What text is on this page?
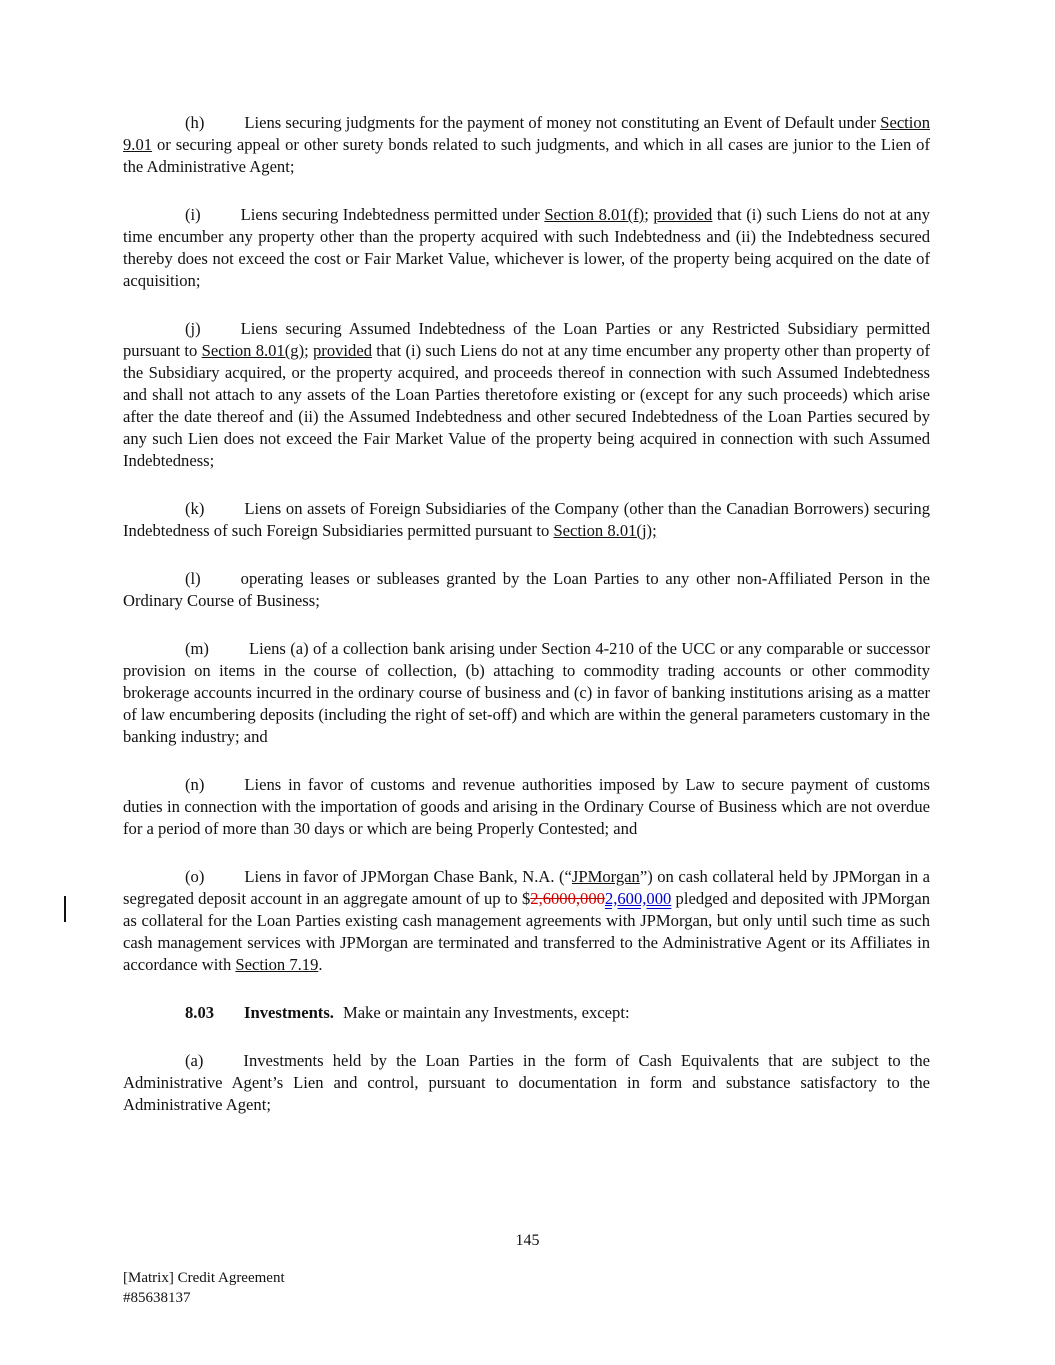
(h) Liens securing judgments for the payment of money not constituting an Event of Default under Section 9.01 or securing appeal or other surety bonds related to such judgments, and which in all cases are junior to the Lien of the Administrative Agent;

(i) Liens securing Indebtedness permitted under Section 8.01(f); provided that (i) such Liens do not at any time encumber any property other than the property acquired with such Indebtedness and (ii) the Indebtedness secured thereby does not exceed the cost or Fair Market Value, whichever is lower, of the property being acquired on the date of acquisition;

(j) Liens securing Assumed Indebtedness of the Loan Parties or any Restricted Subsidiary permitted pursuant to Section 8.01(g); provided that (i) such Liens do not at any time encumber any property other than property of the Subsidiary acquired, or the property acquired, and proceeds thereof in connection with such Assumed Indebtedness and shall not attach to any assets of the Loan Parties theretofore existing or (except for any such proceeds) which arise after the date thereof and (ii) the Assumed Indebtedness and other secured Indebtedness of the Loan Parties secured by any such Lien does not exceed the Fair Market Value of the property being acquired in connection with such Assumed Indebtedness;

(k) Liens on assets of Foreign Subsidiaries of the Company (other than the Canadian Borrowers) securing Indebtedness of such Foreign Subsidiaries permitted pursuant to Section 8.01(j);

(l) operating leases or subleases granted by the Loan Parties to any other non-Affiliated Person in the Ordinary Course of Business;

(m) Liens (a) of a collection bank arising under Section 4-210 of the UCC or any comparable or successor provision on items in the course of collection, (b) attaching to commodity trading accounts or other commodity brokerage accounts incurred in the ordinary course of business and (c) in favor of banking institutions arising as a matter of law encumbering deposits (including the right of set-off) and which are within the general parameters customary in the banking industry; and

(n) Liens in favor of customs and revenue authorities imposed by Law to secure payment of customs duties in connection with the importation of goods and arising in the Ordinary Course of Business which are not overdue for a period of more than 30 days or which are being Properly Contested; and

(o) Liens in favor of JPMorgan Chase Bank, N.A. (“JPMorgan”) on cash collateral held by JPMorgan in a segregated deposit account in an aggregate amount of up to $2,6000,0002,600,000 pledged and deposited with JPMorgan as collateral for the Loan Parties existing cash management agreements with JPMorgan, but only until such time as such cash management services with JPMorgan are terminated and transferred to the Administrative Agent or its Affiliates in accordance with Section 7.19.

8.03 Investments. Make or maintain any Investments, except:

(a) Investments held by the Loan Parties in the form of Cash Equivalents that are subject to the Administrative Agent’s Lien and control, pursuant to documentation in form and substance satisfactory to the Administrative Agent;

145
[Matrix] Credit Agreement
#85638137
